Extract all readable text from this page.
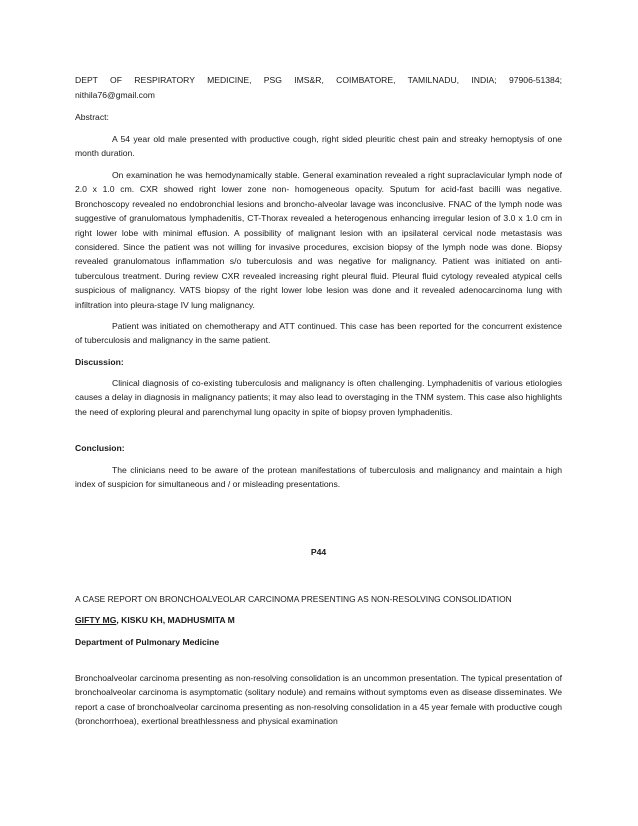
DEPT OF RESPIRATORY MEDICINE, PSG IMS&R, COIMBATORE, TAMILNADU, INDIA; 97906-51384;

nithila76@gmail.com

Abstract:

A 54 year old male presented with productive cough, right sided pleuritic chest pain and streaky hemoptysis of one month duration.

On examination he was hemodynamically stable. General examination revealed a right supraclavicular lymph node of 2.0 x 1.0 cm. CXR showed right lower zone non- homogeneous opacity. Sputum for acid-fast bacilli was negative. Bronchoscopy revealed no endobronchial lesions and broncho-alveolar lavage was inconclusive. FNAC of the lymph node was suggestive of granulomatous lymphadenitis, CT-Thorax revealed a heterogenous enhancing irregular lesion of 3.0 x 1.0 cm in right lower lobe with minimal effusion. A possibility of malignant lesion with an ipsilateral cervical node metastasis was considered. Since the patient was not willing for invasive procedures, excision biopsy of the lymph node was done. Biopsy revealed granulomatous inflammation s/o tuberculosis and was negative for malignancy. Patient was initiated on anti-tuberculous treatment. During review CXR revealed increasing right pleural fluid. Pleural fluid cytology revealed atypical cells suspicious of malignancy. VATS biopsy of the right lower lobe lesion was done and it revealed adenocarcinoma lung with infiltration into pleura-stage IV lung malignancy.

Patient was initiated on chemotherapy and ATT continued. This case has been reported for the concurrent existence of tuberculosis and malignancy in the same patient.

Discussion:

Clinical diagnosis of co-existing tuberculosis and malignancy is often challenging. Lymphadenitis of various etiologies causes a delay in diagnosis in malignancy patients; it may also lead to overstaging in the TNM system. This case also highlights the need of exploring pleural and parenchymal lung opacity in spite of biopsy proven lymphadenitis.

Conclusion:

The clinicians need to be aware of the protean manifestations of tuberculosis and malignancy and maintain a high index of suspicion for simultaneous and / or misleading presentations.

P44

A CASE REPORT ON BRONCHOALVEOLAR CARCINOMA PRESENTING AS NON-RESOLVING CONSOLIDATION

GIFTY MG, KISKU KH, MADHUSMITA M

Department of Pulmonary Medicine

Bronchoalveolar carcinoma presenting as non-resolving consolidation is an uncommon presentation. The typical presentation of bronchoalveolar carcinoma is asymptomatic (solitary nodule) and remains without symptoms even as disease disseminates. We report a case of bronchoalveolar carcinoma presenting as non-resolving consolidation in a 45 year female with productive cough (bronchorrhoea), exertional breathlessness and physical examination
